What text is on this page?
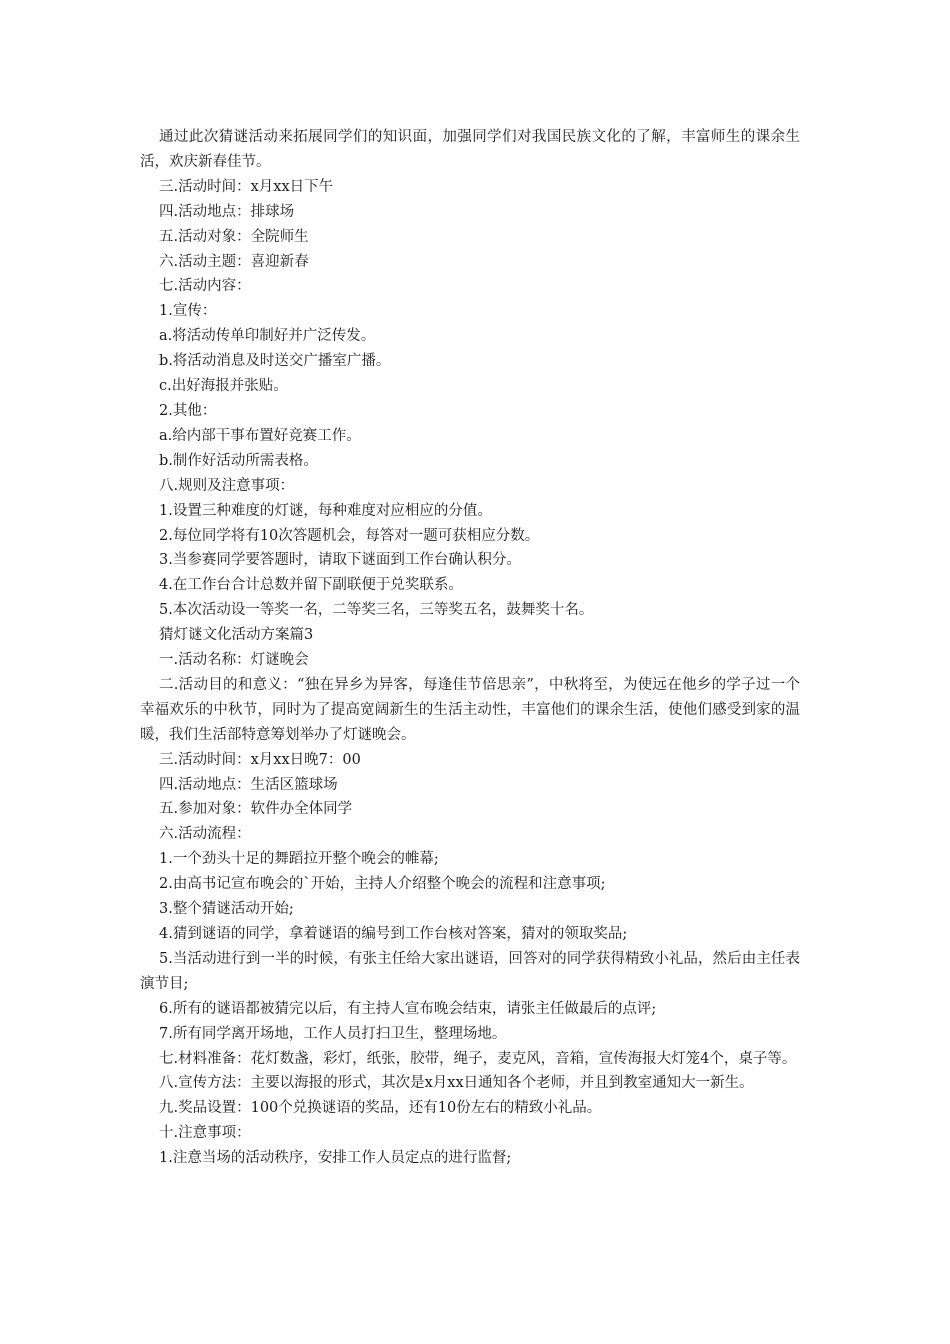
通过此次猜谜活动来拓展同学们的知识面，加强同学们对我国民族文化的了解，丰富师生的课余生活，欢庆新春佳节。

三.活动时间：x月xx日下午

四.活动地点：排球场

五.活动对象：全院师生

六.活动主题：喜迎新春

七.活动内容：

1.宣传：

a.将活动传单印制好并广泛传发。

b.将活动消息及时送交广播室广播。

c.出好海报并张贴。

2.其他：

a.给内部干事布置好竞赛工作。

b.制作好活动所需表格。

八.规则及注意事项：

1.设置三种难度的灯谜，每种难度对应相应的分值。

2.每位同学将有10次答题机会，每答对一题可获相应分数。

3.当参赛同学要答题时，请取下谜面到工作台确认积分。

4.在工作台合计总数并留下副联便于兑奖联系。

5.本次活动设一等奖一名，二等奖三名，三等奖五名，鼓舞奖十名。

猜灯谜文化活动方案篇3

一.活动名称：灯谜晚会

二.活动目的和意义：“独在异乡为异客，每逢佳节倍思亲”，中秋将至，为使远在他乡的学子过一个幸福欢乐的中秋节，同时为了提高宽阔新生的生活主动性，丰富他们的课余生活，使他们感受到家的温暖，我们生活部特意筹划举办了灯谜晚会。

三.活动时间：x月xx日晚7：00

四.活动地点：生活区篮球场

五.参加对象：软件办全体同学

六.活动流程：

1.一个劲头十足的舞蹈拉开整个晚会的帷幕;

2.由高书记宣布晚会的`开始，主持人介绍整个晚会的流程和注意事项;

3.整个猜谜活动开始;

4.猜到谜语的同学，拿着谜语的编号到工作台核对答案，猜对的领取奖品;

5.当活动进行到一半的时候，有张主任给大家出谜语，回答对的同学获得精致小礼品，然后由主任表演节目;

6.所有的谜语都被猜完以后，有主持人宣布晚会结束，请张主任做最后的点评;

7.所有同学离开场地，工作人员打扫卫生，整理场地。

七.材料准备：花灯数盏，彩灯，纸张，胶带，绳子，麦克风，音箱，宣传海报大灯笼4个，桌子等。

八.宣传方法：主要以海报的形式，其次是x月xx日通知各个老师，并且到教室通知大一新生。

九.奖品设置：100个兑换谜语的奖品，还有10份左右的精致小礼品。

十.注意事项：

1.注意当场的活动秩序，安排工作人员定点的进行监督;
